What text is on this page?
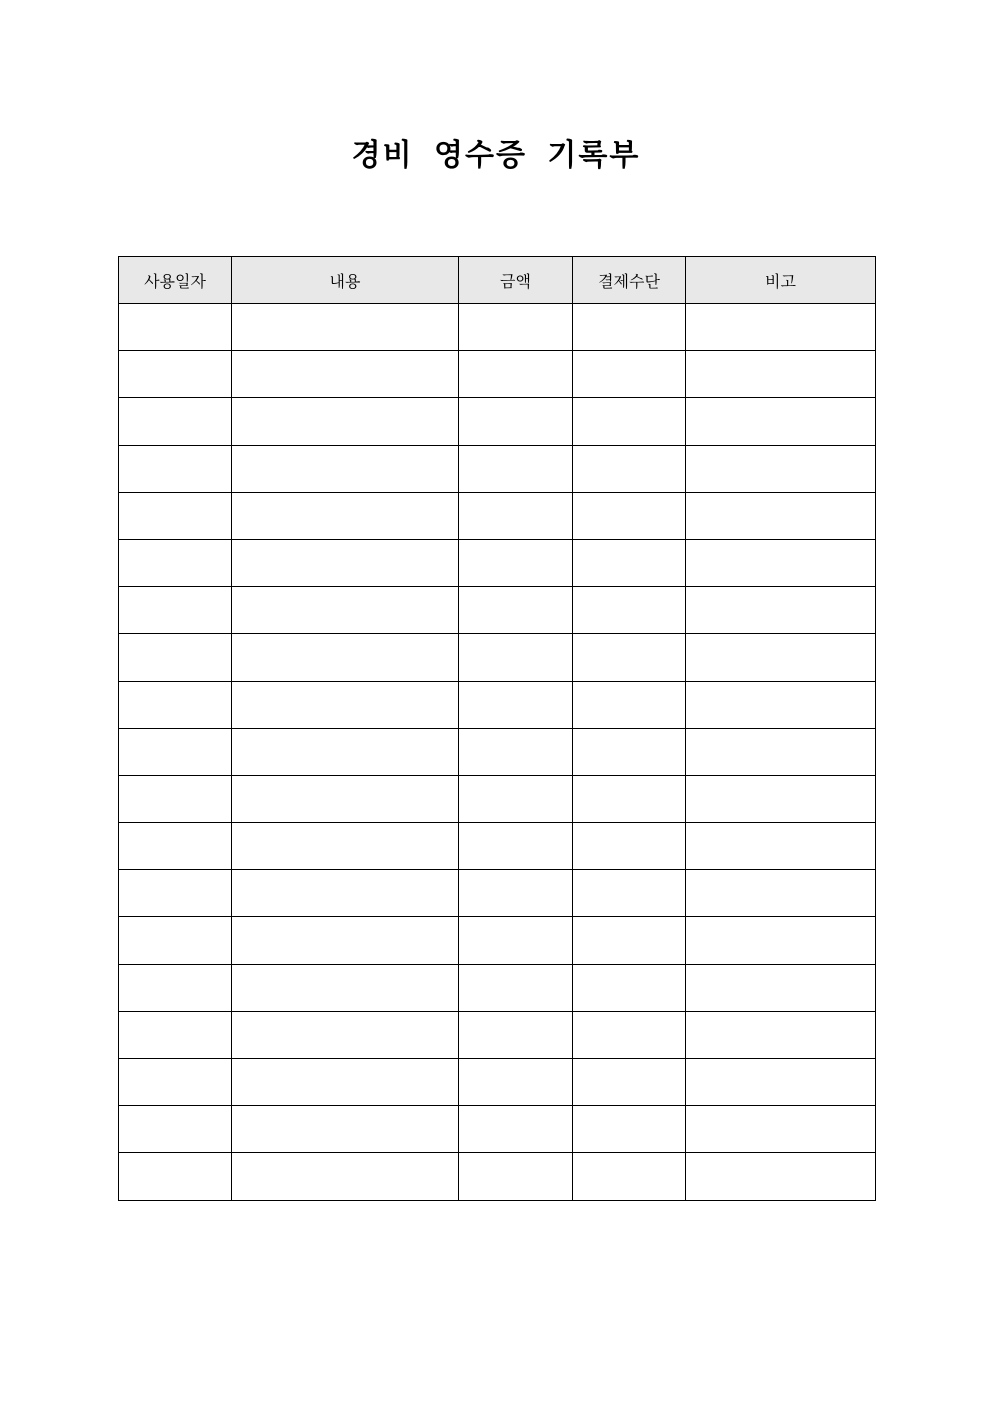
경비 영수증 기록부
사용일자	내용	금액	결제수단	비고
